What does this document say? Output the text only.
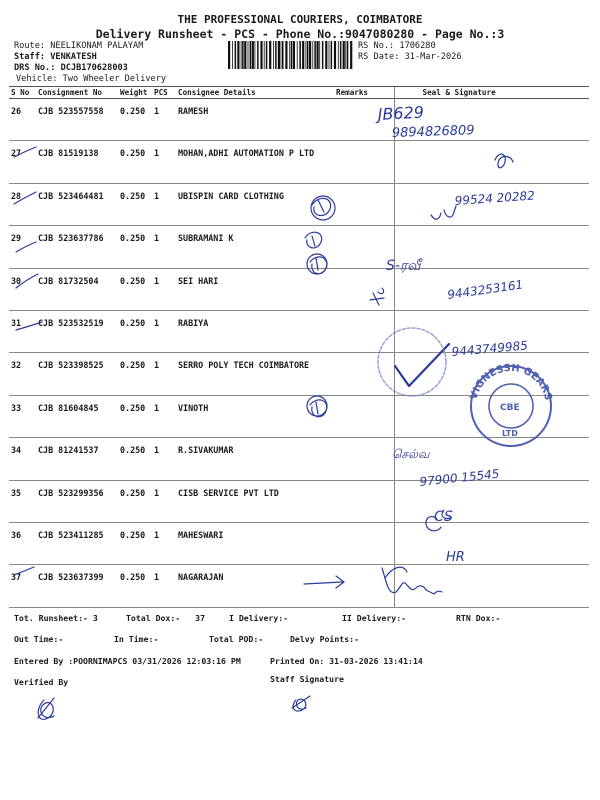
THE PROFESSIONAL COURIERS, COIMBATORE
Delivery Runsheet - PCS - Phone No.:9047080280 - Page No.:3
Route: NEELIKONAM PALAYAM
Staff: VENKATESH
DRS No.: DCJB170628003
Vehicle: Two Wheeler Delivery
RS No.: 1706280
RS Date: 31-Mar-2026
S No	Consignment No	Weight	PCS	Consignee Details	Remarks	Seal & Signature
26	CJB 523557558	0.250	1	RAMESH		
27	CJB 81519138	0.250	1	MOHAN,ADHI AUTOMATION P LTD		
28	CJB 523464481	0.250	1	UBISPIN CARD CLOTHING		
29	CJB 523637786	0.250	1	SUBRAMANI K		
30	CJB 81732504	0.250	1	SEI HARI		
31	CJB 523532519	0.250	1	RABIYA		
32	CJB 523398525	0.250	1	SERRO POLY TECH COIMBATORE		
33	CJB 81604845	0.250	1	VINOTH		
34	CJB 81241537	0.250	1	R.SIVAKUMAR		
35	CJB 523299356	0.250	1	CISB SERVICE PVT LTD		
36	CJB 523411285	0.250	1	MAHESWARI		
37	CJB 523637399	0.250	1	NAGARAJAN		
Tot. Runsheet:- 3	Total Dox:- 37	I Delivery:-	II Delivery:-	RTN Dox:-
Out Time:-	In Time:-	Total POD:-	Delvy Points:-
Entered By :POORNIMAPCS 03/31/2026 12:03:16 PM	Printed On: 31-03-2026 13:41:14
Verified By	Staff Signature
JB629
9894826809
99524 20282
S-ரவீ
9443253161
9443749985
செல்வ
97900 15545
CS
HR
VIGNESSH GEARS
CBE
LTD
